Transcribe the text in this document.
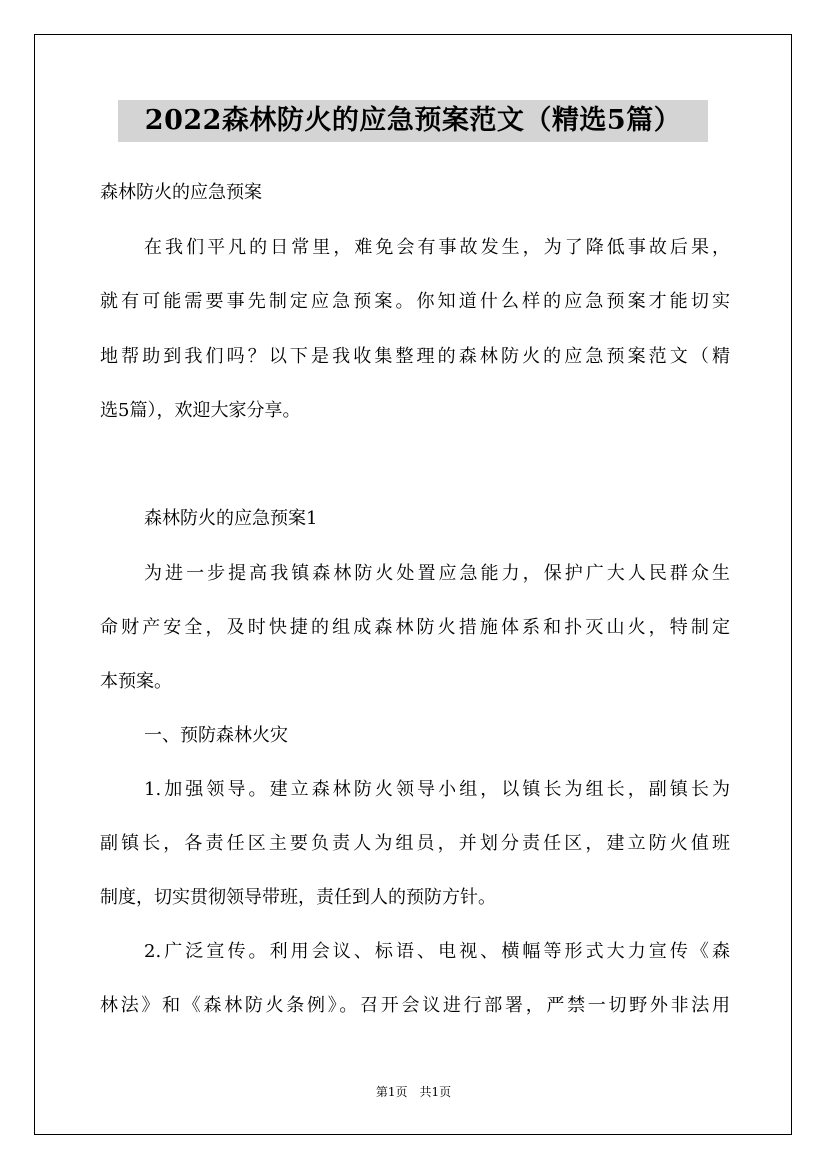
2022森林防火的应急预案范文（精选5篇）

森林防火的应急预案

在我们平凡的日常里，难免会有事故发生，为了降低事故后果，

就有可能需要事先制定应急预案。你知道什么样的应急预案才能切实

地帮助到我们吗？以下是我收集整理的森林防火的应急预案范文（精

选5篇），欢迎大家分享。

森林防火的应急预案1

为进一步提高我镇森林防火处置应急能力，保护广大人民群众生

命财产安全，及时快捷的组成森林防火措施体系和扑灭山火，特制定

本预案。

一、预防森林火灾

1.加强领导。建立森林防火领导小组，以镇长为组长，副镇长为

副镇长，各责任区主要负责人为组员，并划分责任区，建立防火值班

制度，切实贯彻领导带班，责任到人的预防方针。

2.广泛宣传。利用会议、标语、电视、横幅等形式大力宣传《森

林法》和《森林防火条例》。召开会议进行部署，严禁一切野外非法用

第1页 共1页
